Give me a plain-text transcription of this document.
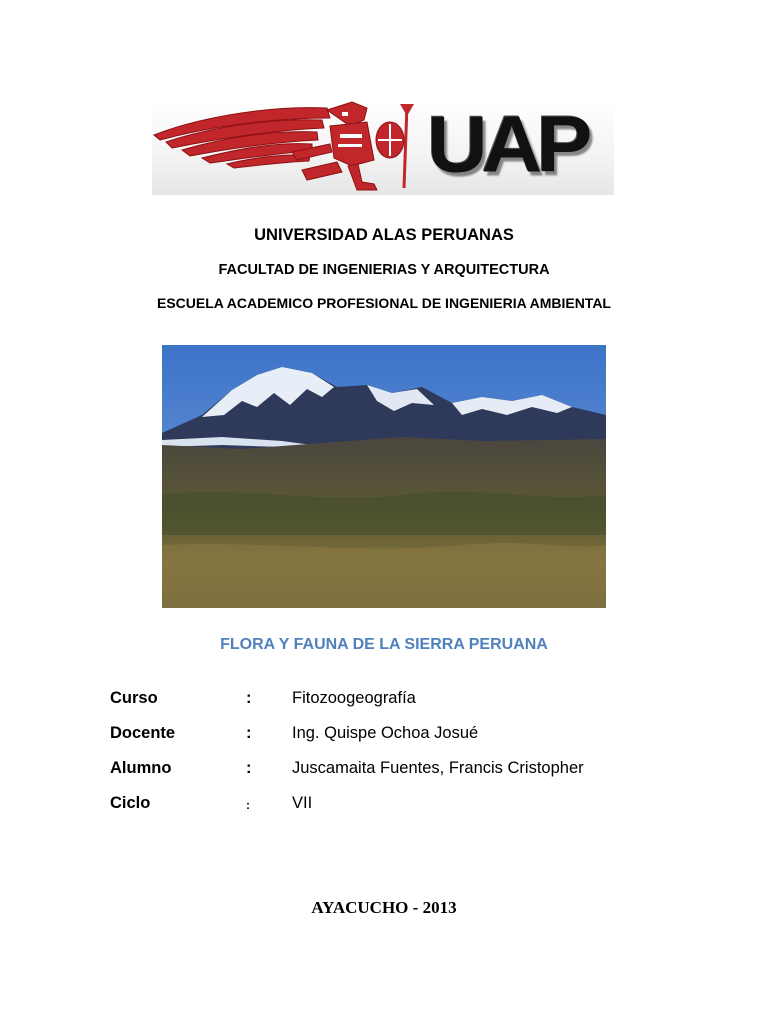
UAP
UNIVERSIDAD ALAS PERUANAS
FACULTAD DE INGENIERIAS Y ARQUITECTURA
ESCUELA ACADEMICO PROFESIONAL DE INGENIERIA AMBIENTAL
FLORA Y FAUNA DE LA SIERRA PERUANA
Curso	: Fitozoogeografía
Docente	: Ing. Quispe Ochoa Josué
Alumno	: Juscamaita Fuentes, Francis Cristopher
Ciclo	:	VII
AYACUCHO - 2013
